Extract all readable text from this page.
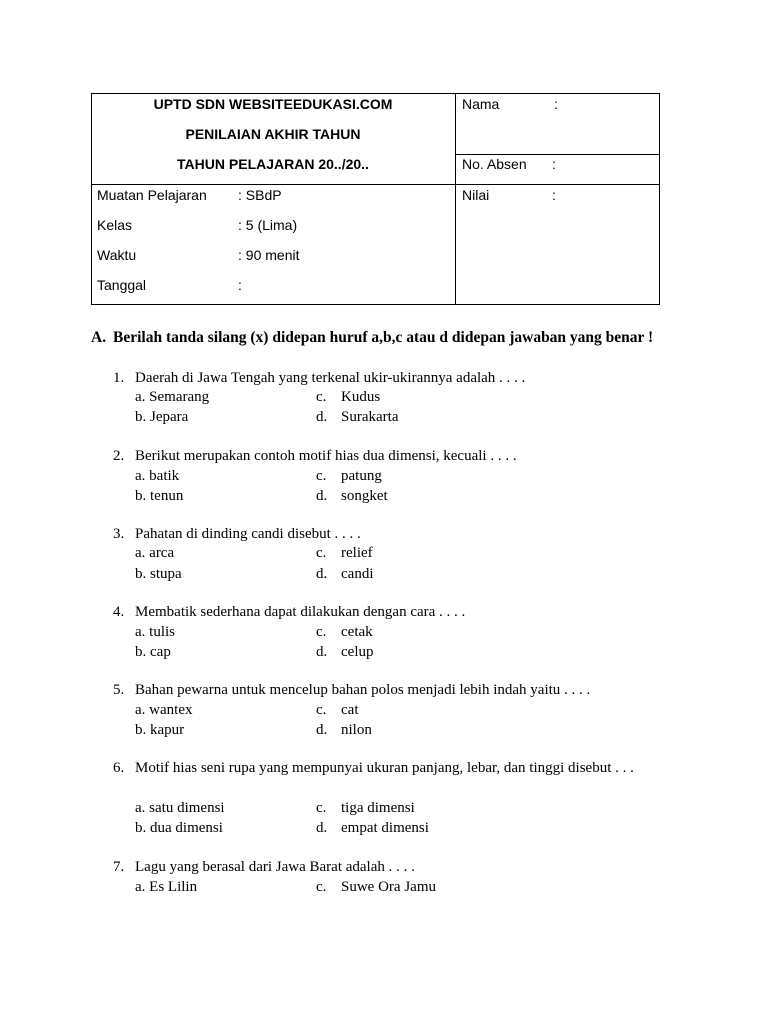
UPTD SDN WEBSITEEDUKASI.COM
PENILAIAN AKHIR TAHUN
TAHUN PELAJARAN 20../20..
Nama	:
No. Absen :
Nilai	:
Muatan Pelajaran : SBdP
Kelas	: 5 (Lima)
Waktu	: 90 menit
Tanggal	:
A. Berilah tanda silang (x) didepan huruf a,b,c atau d didepan jawaban yang benar !
1. Daerah di Jawa Tengah yang terkenal ukir-ukirannya adalah . . . .
a. Semarang
b. Jepara
c. Kudus
d. Surakarta
2. Berikut merupakan contoh motif hias dua dimensi, kecuali . . . .
a. batik
b. tenun
c. patung
d. songket
3. Pahatan di dinding candi disebut . . . .
a. arca
b. stupa
c. relief
d. candi
4. Membatik sederhana dapat dilakukan dengan cara . . . .
a. tulis
b. cap
c. cetak
d. celup
5. Bahan pewarna untuk mencelup bahan polos menjadi lebih indah yaitu . . . .
a. wantex
b. kapur
c. cat
d. nilon
6. Motif hias seni rupa yang mempunyai ukuran panjang, lebar, dan tinggi disebut . . .
a. satu dimensi
b. dua dimensi
c. tiga dimensi
d. empat dimensi
7. Lagu yang berasal dari Jawa Barat adalah . . . .
a. Es Lilin	c. Suwe Ora Jamu
